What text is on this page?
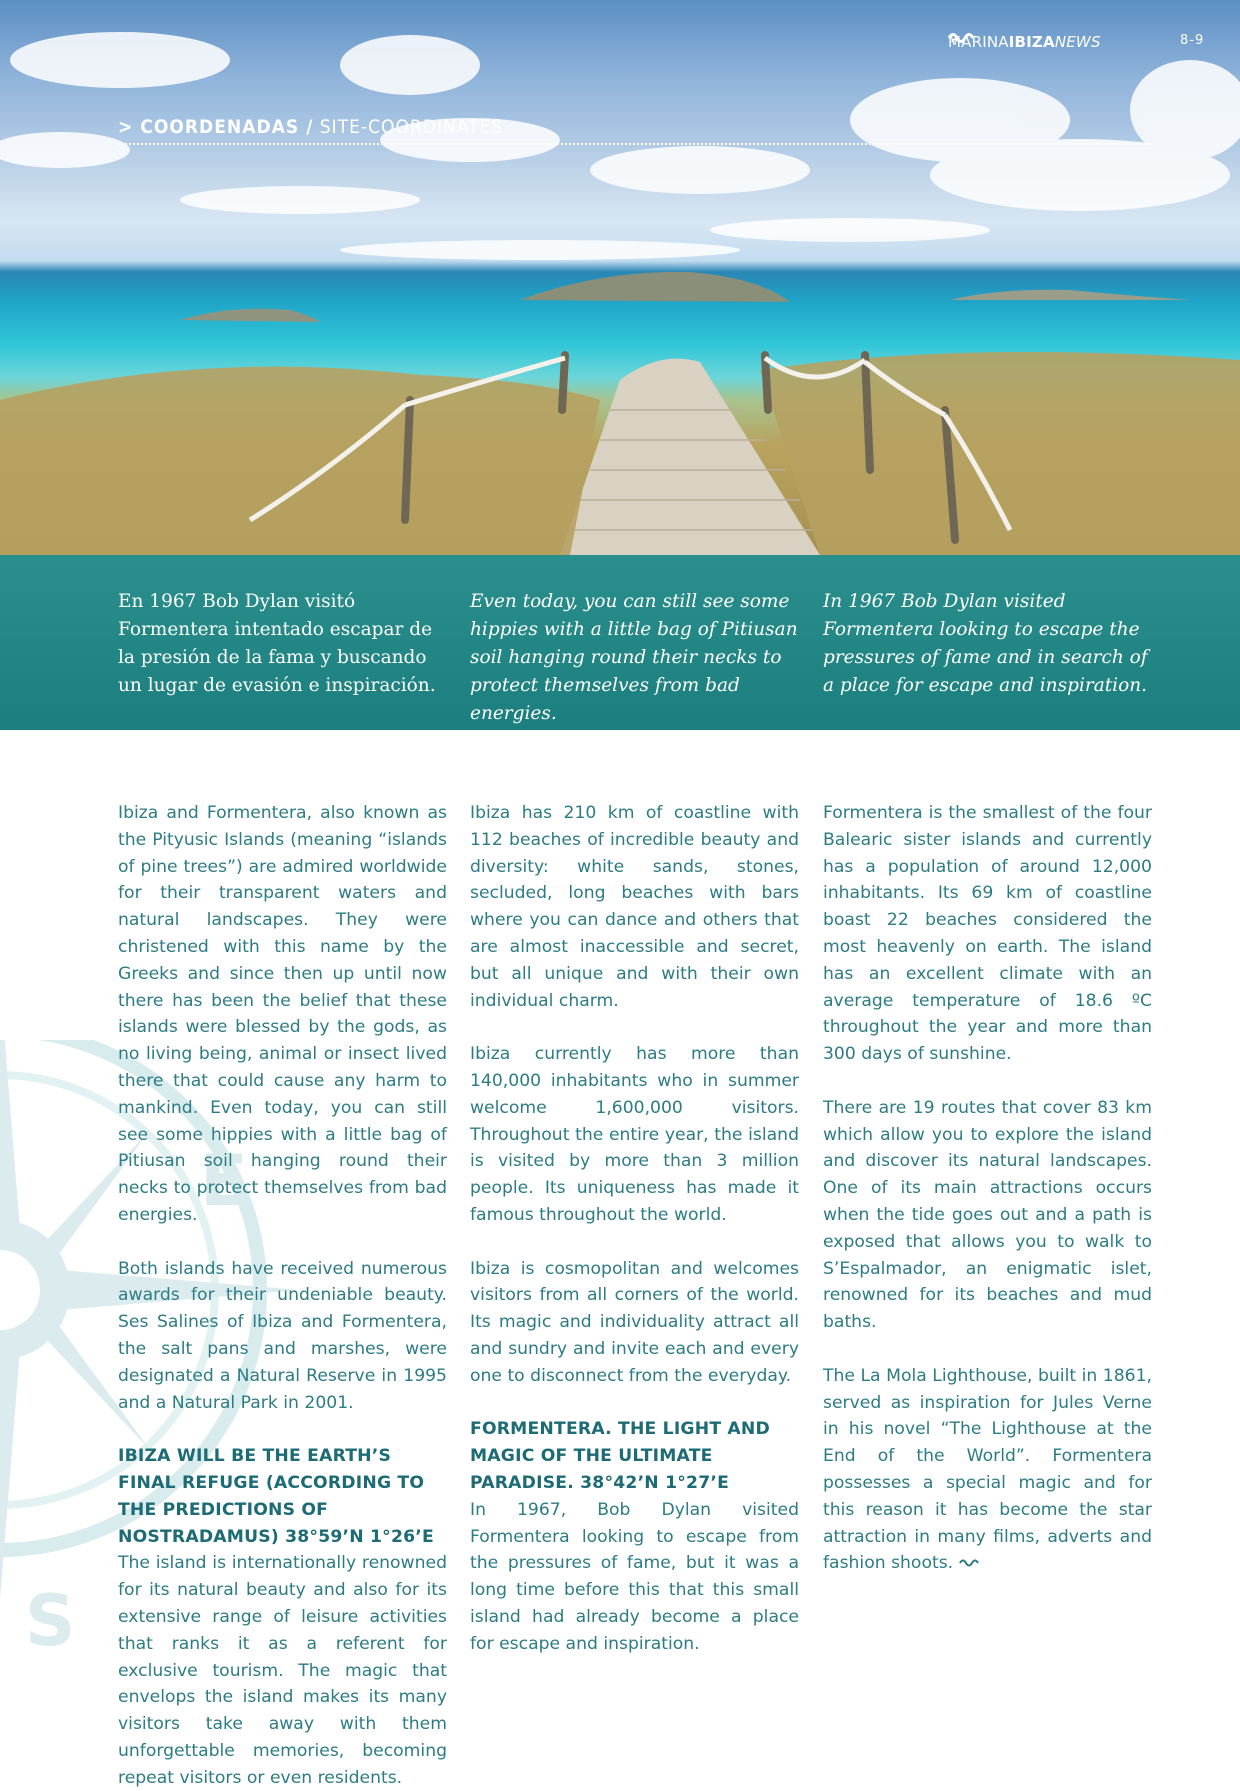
MARINAIBIZANEWS	8-9
> COORDENADAS / SITE-COORDINATES
En 1967 Bob Dylan visitó Formentera intentado escapar de la presión de la fama y buscando un lugar de evasión e inspiración.
Even today, you can still see some hippies with a little bag of Pitiusan soil hanging round their necks to protect themselves from bad energies.
In 1967 Bob Dylan visited Formentera looking to escape the pressures of fame and in search of a place for escape and inspiration.
E
S

Ibiza and Formentera, also known as the Pityusic Islands (meaning “islands of pine trees”) are admired worldwide for their transparent waters and natural landscapes. They were christened with this name by the Greeks and since then up until now there has been the belief that these islands were blessed by the gods, as no living being, animal or insect lived there that could cause any harm to mankind. Even today, you can still see some hippies with a little bag of Pitiusan soil hanging round their necks to protect themselves from bad energies.

Both islands have received numerous awards for their undeniable beauty. Ses Salines of Ibiza and Formentera, the salt pans and marshes, were designated a Natural Reserve in 1995 and a Natural Park in 2001.

IBIZA WILL BE THE EARTH’S FINAL REFUGE (ACCORDING TO THE PREDICTIONS OF NOSTRADAMUS) 38°59’N 1°26’E

The island is internationally renowned for its natural beauty and also for its extensive range of leisure activities that ranks it as a referent for exclusive tourism. The magic that envelops the island makes its many visitors take away with them unforgettable memories, becoming repeat visitors or even residents.

Ibiza has 210 km of coastline with 112 beaches of incredible beauty and diversity: white sands, stones, secluded, long beaches with bars where you can dance and others that are almost inaccessible and secret, but all unique and with their own individual charm.

Ibiza currently has more than 140,000 inhabitants who in summer welcome 1,600,000 visitors. Throughout the entire year, the island is visited by more than 3 million people. Its uniqueness has made it famous throughout the world.

Ibiza is cosmopolitan and welcomes visitors from all corners of the world. Its magic and individuality attract all and sundry and invite each and every one to disconnect from the everyday.

FORMENTERA. THE LIGHT AND MAGIC OF THE ULTIMATE PARADISE. 38°42’N 1°27’E

In 1967, Bob Dylan visited Formentera looking to escape from the pressures of fame, but it was a long time before this that this small island had already become a place for escape and inspiration.

Formentera is the smallest of the four Balearic sister islands and currently has a population of around 12,000 inhabitants. Its 69 km of coastline boast 22 beaches considered the most heavenly on earth. The island has an excellent climate with an average temperature of 18.6 ºC throughout the year and more than 300 days of sunshine.

There are 19 routes that cover 83 km which allow you to explore the island and discover its natural landscapes. One of its main attractions occurs when the tide goes out and a path is exposed that allows you to walk to S’Espalmador, an enigmatic islet, renowned for its beaches and mud baths.

The La Mola Lighthouse, built in 1861, served as inspiration for Jules Verne in his novel “The Lighthouse at the End of the World”. Formentera possesses a special magic and for this reason it has become the star attraction in many films, adverts and fashion shoots.
